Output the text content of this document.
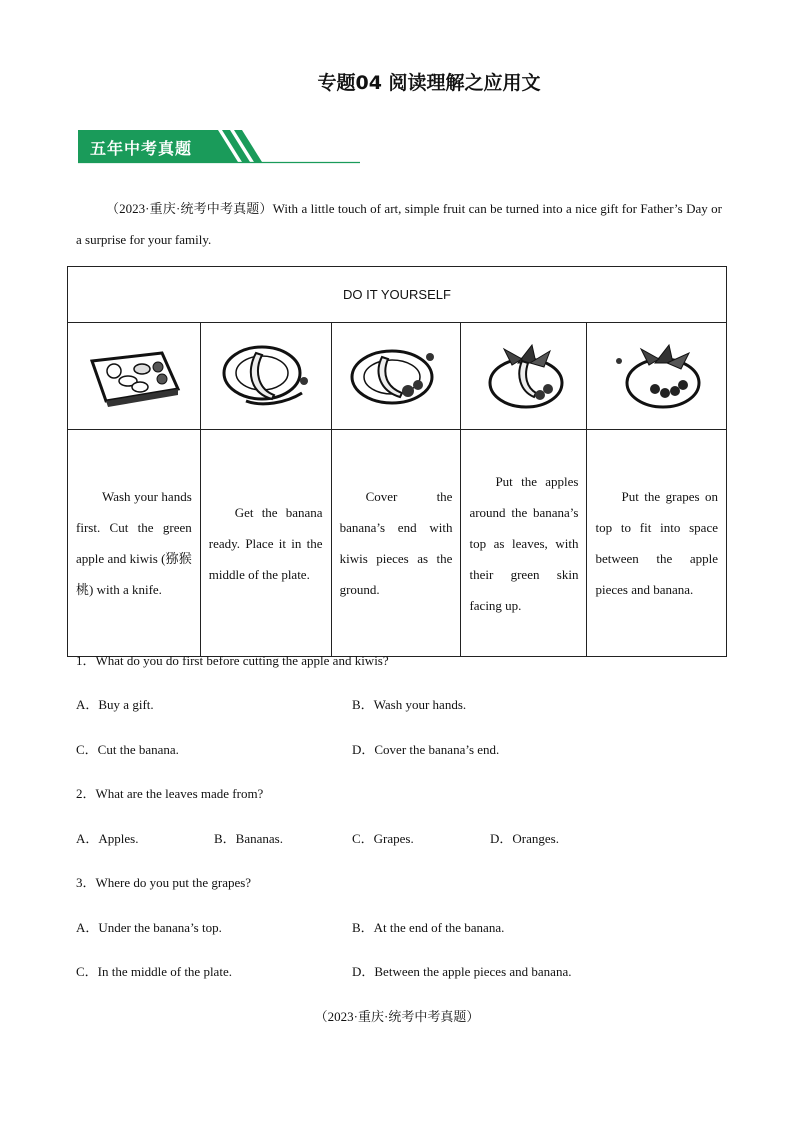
专题04 阅读理解之应用文
五年中考真题
（2023·重庆·统考中考真题）With a little touch of art, simple fruit can be turned into a nice gift for Father’s Day or a surprise for your family.
DO IT YOURSELF				

Wash your hands first. Cut the green apple and kiwis (猕猴桃) with a knife.	Get the banana ready. Place it in the middle of the plate.	Cover the banana’s end with kiwis pieces as the ground.	Put the apples around the banana’s top as leaves, with their green skin facing up.	Put the grapes on top to fit into space between the apple pieces and banana.
1．What do you do first before cutting the apple and kiwis?
A．Buy a gift.	B．Wash your hands.
C．Cut the banana.	D．Cover the banana’s end.
2．What are the leaves made from?
A．Apples.	B．Bananas.	C．Grapes.	D．Oranges.
3．Where do you put the grapes?
A．Under the banana’s top.	B．At the end of the banana.
C．In the middle of the plate.	D．Between the apple pieces and banana.
（2023·重庆·统考中考真题）
